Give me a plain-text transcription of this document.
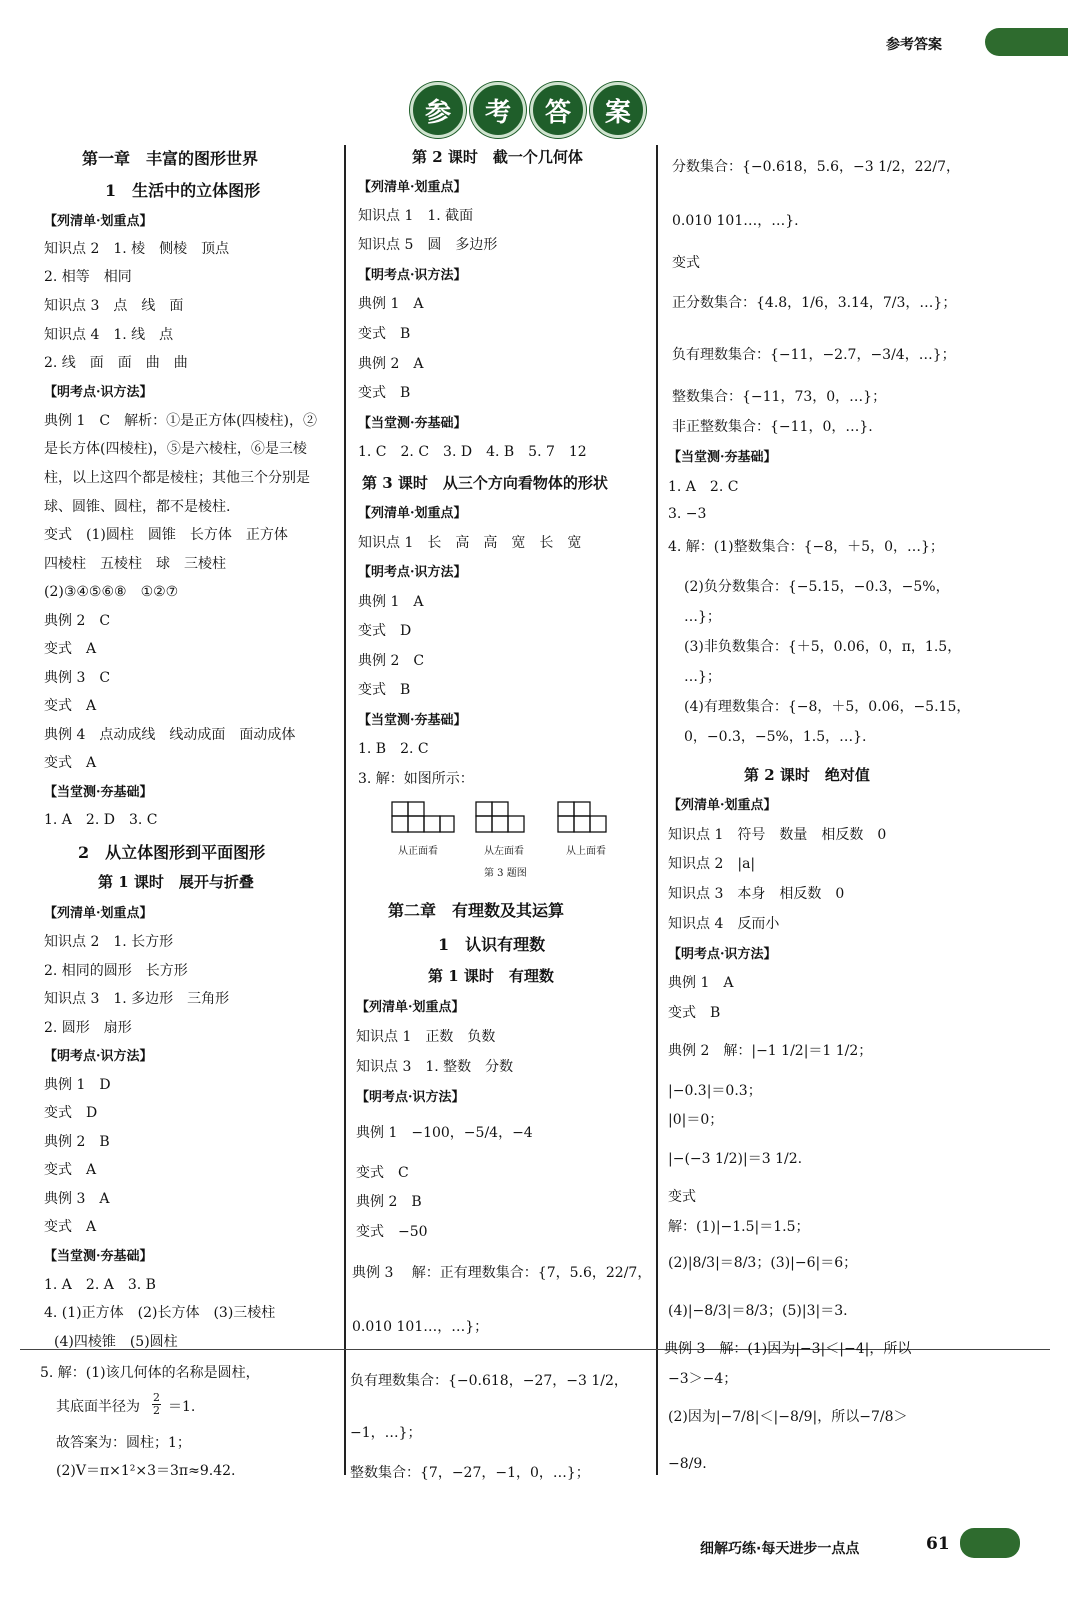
参考答案
参	考	答	案
第一章　丰富的图形世界
1　生活中的立体图形
【列清单·划重点】
知识点 2　1. 棱　侧棱　顶点
2. 相等　相同
知识点 3　点　线　面
知识点 4　1. 线　点
2. 线　面　面　曲　曲
【明考点·识方法】
典例 1　C　解析：①是正方体(四棱柱)，②
是长方体(四棱柱)，⑤是六棱柱，⑥是三棱
柱，以上这四个都是棱柱；其他三个分别是
球、圆锥、圆柱，都不是棱柱.
变式　(1)圆柱　圆锥　长方体　正方体
四棱柱　五棱柱　球　三棱柱
(2)③④⑤⑥⑧　①②⑦
典例 2　C
变式　A
典例 3　C
变式　A
典例 4　点动成线　线动成面　面动成体
变式　A
【当堂测·夯基础】
1. A　2. D　3. C
2　从立体图形到平面图形
第 1 课时　展开与折叠
【列清单·划重点】
知识点 2　1. 长方形
2. 相同的圆形　长方形
知识点 3　1. 多边形　三角形
2. 圆形　扇形
【明考点·识方法】
典例 1　D
变式　D
典例 2　B
变式　A
典例 3　A
变式　A
【当堂测·夯基础】
1. A　2. A　3. B
4. (1)正方体　(2)长方体　(3)三棱柱
(4)四棱锥　(5)圆柱
5. 解：(1)该几何体的名称是圆柱，
其底面半径为
故答案为：圆柱；1；
(2)V＝π×1²×3＝3π≈9.42.
第 2 课时　截一个几何体
【列清单·划重点】
知识点 1　1. 截面
知识点 5　圆　多边形
【明考点·识方法】
典例 1　A
变式　B
典例 2　A
变式　B
【当堂测·夯基础】
1. C　2. C　3. D　4. B　5. 7　12
第 3 课时　从三个方向看物体的形状
【列清单·划重点】
知识点 1　长　高　高　宽　长　宽
【明考点·识方法】
典例 1　A
变式　D
典例 2　C
变式　B
【当堂测·夯基础】
1. B　2. C
3. 解：如图所示：
第二章　有理数及其运算
1　认识有理数
第 1 课时　有理数
【列清单·划重点】
知识点 1　正数　负数
知识点 3　1. 整数　分数
【明考点·识方法】
典例 1　−100，−5/4，−4
变式　C
典例 2　B
变式　−50
典例 3　 解：正有理数集合：{7，5.6，22/7，
0.010 101…，…}；
负有理数集合：{−0.618，−27，−3 1/2，
−1，…}；
整数集合：{7，−27，−1，0，…}；
分数集合：{−0.618，5.6，−3 1/2，22/7，
0.010 101…，…}.
变式
正分数集合：{4.8，1/6，3.14，7/3，…}；
负有理数集合：{−11，−2.7，−3/4，…}；
整数集合：{−11，73，0，…}；
非正整数集合：{−11，0，…}.
【当堂测·夯基础】
1. A　2. C
3. −3
4. 解：(1)整数集合：{−8，＋5，0，…}；
(2)负分数集合：{−5.15，−0.3̇，−5%，
…}；
(3)非负数集合：{＋5，0.06，0，π，1.5，
…}；
(4)有理数集合：{−8，＋5，0.06，−5.15，
0，−0.3̇，−5%，1.5，…}.
第 2 课时　绝对值
【列清单·划重点】
知识点 1　符号　数量　相反数　0
知识点 2　|a|
知识点 3　本身　相反数　0
知识点 4　反而小
【明考点·识方法】
典例 1　A
变式　B
典例 2　解：|−1 1/2|＝1 1/2；
|−0.3|＝0.3；
|0|＝0；
|−(−3 1/2)|＝3 1/2.
变式
解：(1)|−1.5|＝1.5；
(2)|8/3|＝8/3；(3)|−6|＝6；
(4)|−8/3|＝8/3；(5)|3|＝3.
典例 3　解：(1)因为|−3|＜|−4|，所以
−3＞−4；
(2)因为|−7/8|＜|−8/9|，所以−7/8＞
−8/9.
从正面看	从左面看	从上面看
第 3 题图
$\frac{2}{2} =1$.
细解巧练·每天进步一点点	61
